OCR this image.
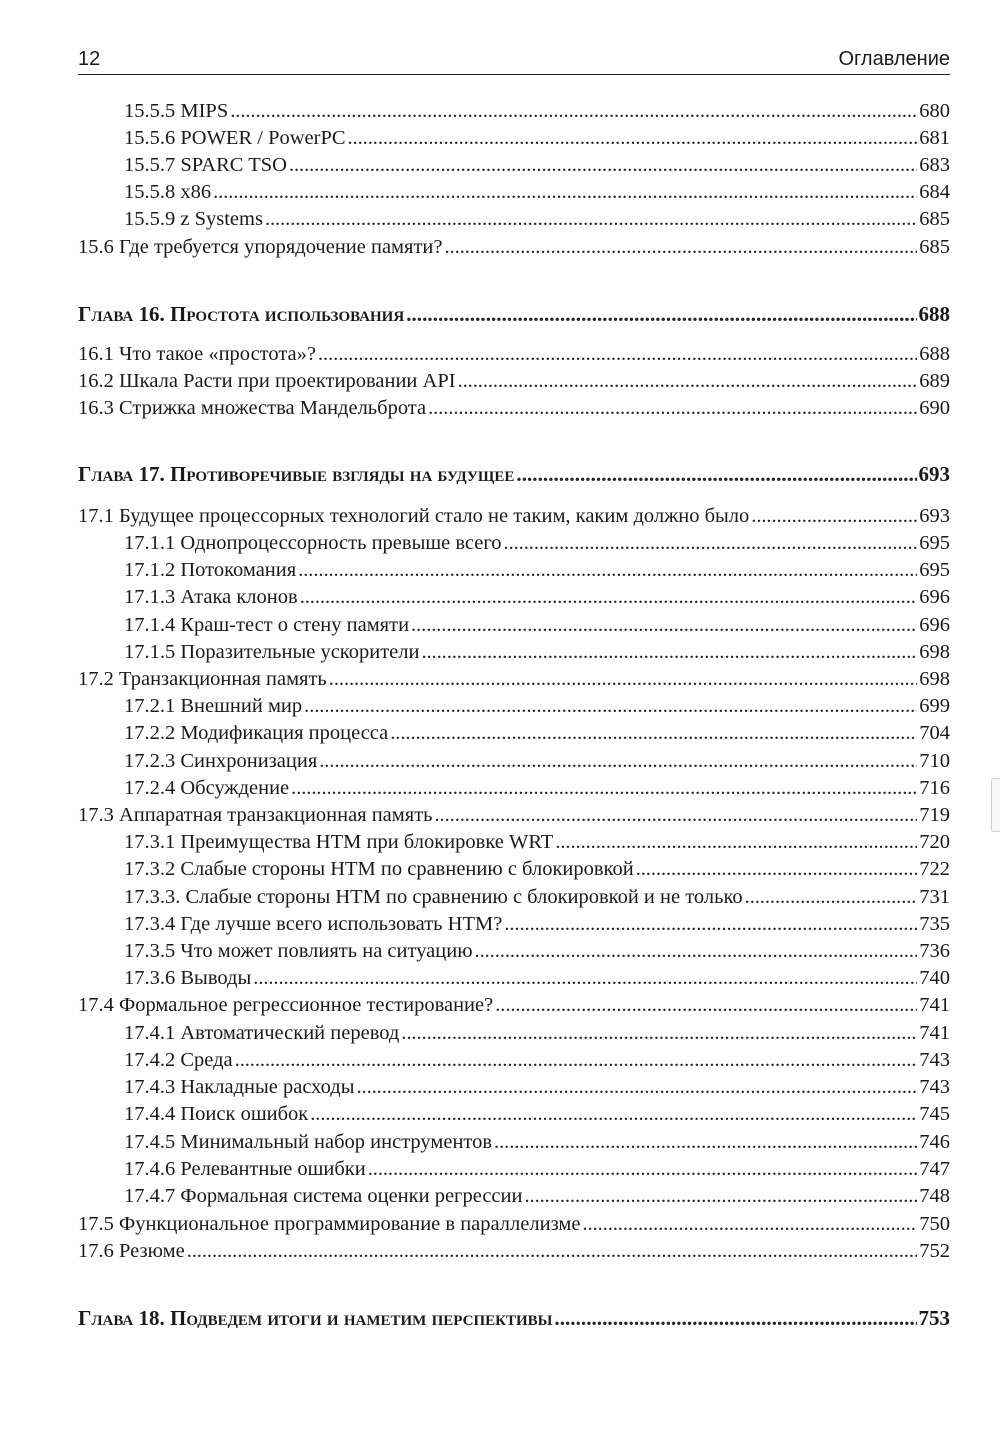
12	Оглавление
15.5.5 MIPS . . .	680
15.5.6 POWER / PowerPC . . .	681
15.5.7 SPARC TSO . . .	683
15.5.8 x86 . . .	684
15.5.9 z Systems . . .	685
15.6 Где требуется упорядочение памяти? . . .	685
Глава 16. Простота использования . . .	688
16.1 Что такое «простота»? . . .	688
16.2 Шкала Расти при проектировании API . . .	689
16.3 Стрижка множества Мандельброта . . .	690
Глава 17. Противоречивые взгляды на будущее . . .	693
17.1 Будущее процессорных технологий стало не таким, каким должно было . . .	693
17.1.1 Однопроцессорность превыше всего . . .	695
17.1.2 Потокомания . . .	695
17.1.3 Атака клонов . . .	696
17.1.4 Краш-тест о стену памяти . . .	696
17.1.5 Поразительные ускорители . . .	698
17.2 Транзакционная память . . .	698
17.2.1 Внешний мир . . .	699
17.2.2 Модификация процесса . . .	704
17.2.3 Синхронизация . . .	710
17.2.4 Обсуждение . . .	716
17.3 Аппаратная транзакционная память . . .	719
17.3.1 Преимущества HTM при блокировке WRT . . .	720
17.3.2 Слабые стороны HTM по сравнению с блокировкой . . .	722
17.3.3. Слабые стороны HTM по сравнению с блокировкой и не только . . .	731
17.3.4 Где лучше всего использовать HTM? . . .	735
17.3.5 Что может повлиять на ситуацию . . .	736
17.3.6 Выводы . . .	740
17.4 Формальное регрессионное тестирование? . . .	741
17.4.1 Автоматический перевод . . .	741
17.4.2 Среда . . .	743
17.4.3 Накладные расходы . . .	743
17.4.4 Поиск ошибок . . .	745
17.4.5 Минимальный набор инструментов . . .	746
17.4.6 Релевантные ошибки . . .	747
17.4.7 Формальная система оценки регрессии . . .	748
17.5 Функциональное программирование в параллелизме . . .	750
17.6 Резюме . . .	752
Глава 18. Подведем итоги и наметим перспективы . . .	753
